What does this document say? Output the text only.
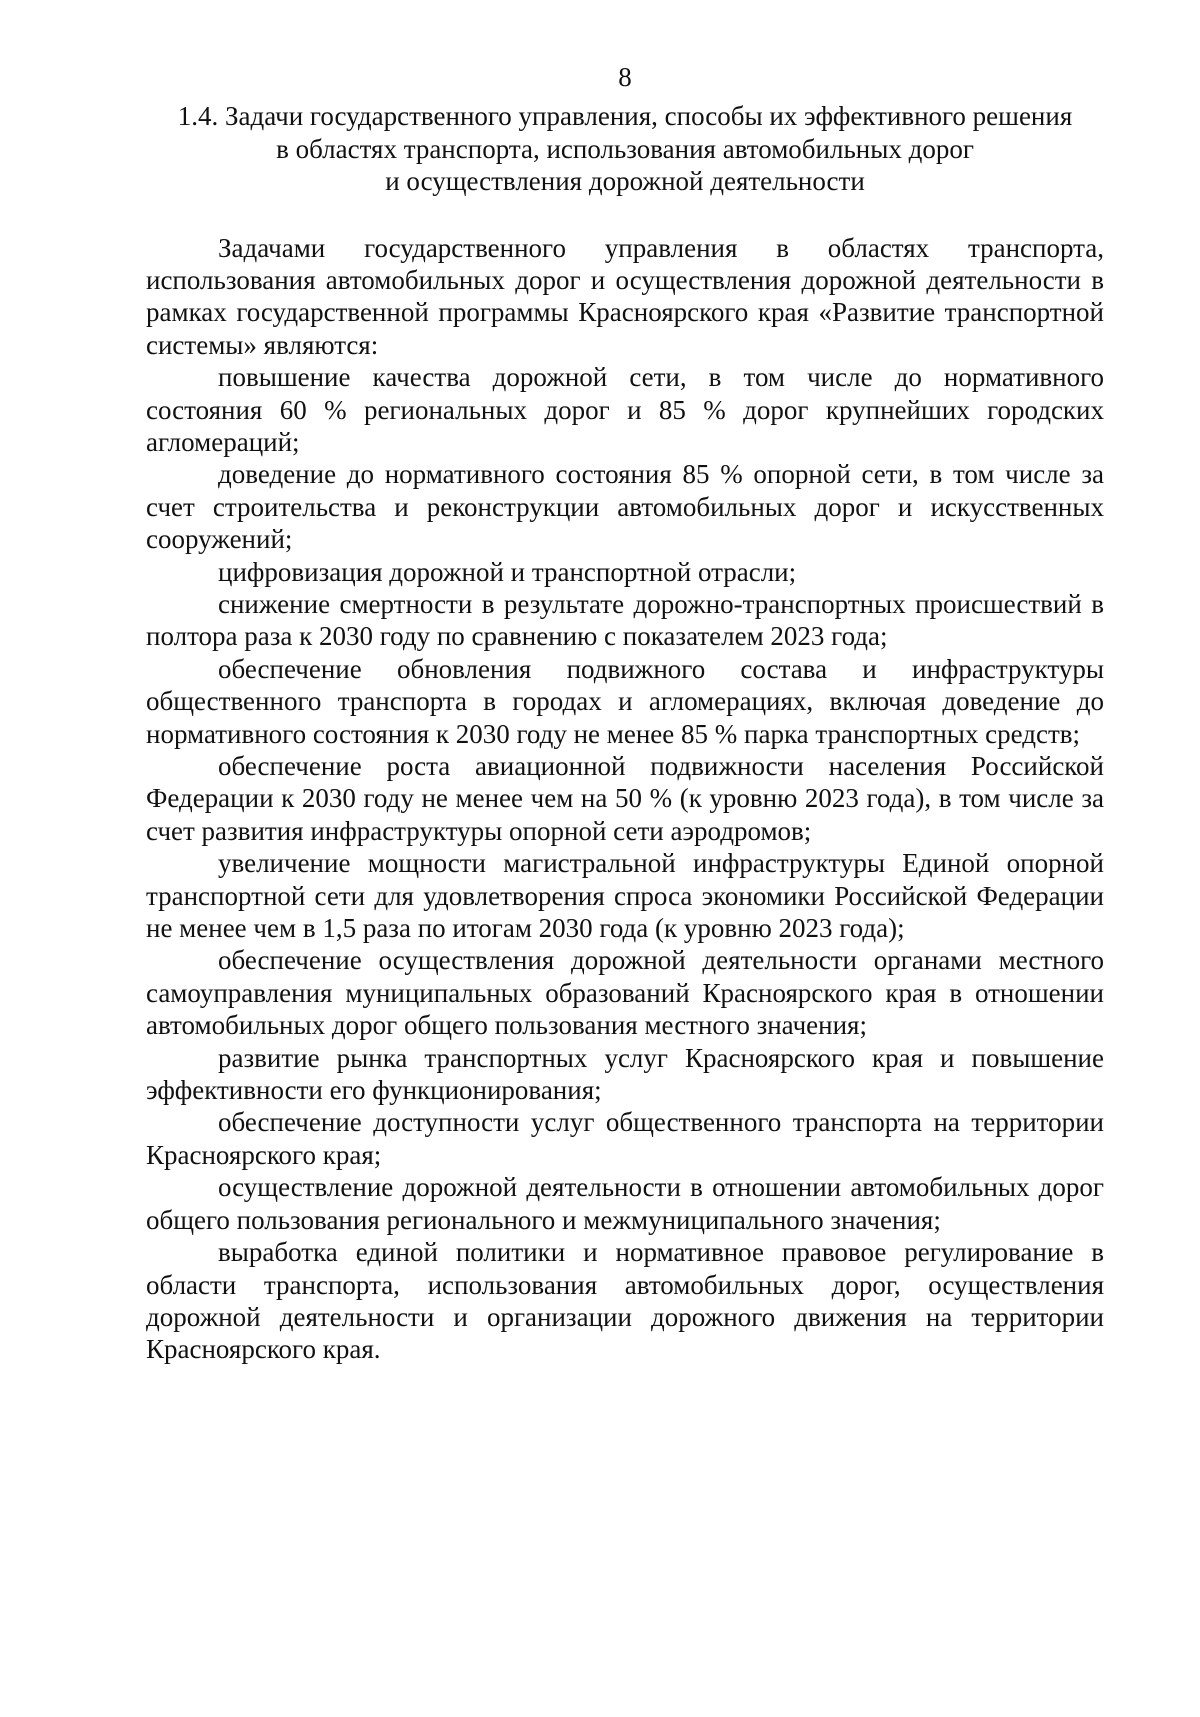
8
1.4. Задачи государственного управления, способы их эффективного решения
в областях транспорта, использования автомобильных дорог
и осуществления дорожной деятельности

Задачами государственного управления в областях транспорта, использования автомобильных дорог и осуществления дорожной деятельности в рамках государственной программы Красноярского края «Развитие транспортной системы» являются:

повышение качества дорожной сети, в том числе до нормативного состояния 60 % региональных дорог и 85 % дорог крупнейших городских агломераций;

доведение до нормативного состояния 85 % опорной сети, в том числе за счет строительства и реконструкции автомобильных дорог и искусственных сооружений;

цифровизация дорожной и транспортной отрасли;

снижение смертности в результате дорожно-транспортных происшествий в полтора раза к 2030 году по сравнению с показателем 2023 года;

обеспечение обновления подвижного состава и инфраструктуры общественного транспорта в городах и агломерациях, включая доведение до нормативного состояния к 2030 году не менее 85 % парка транспортных средств;

обеспечение роста авиационной подвижности населения Российской Федерации к 2030 году не менее чем на 50 % (к уровню 2023 года), в том числе за счет развития инфраструктуры опорной сети аэродромов;

увеличение мощности магистральной инфраструктуры Единой опорной транспортной сети для удовлетворения спроса экономики Российской Федерации не менее чем в 1,5 раза по итогам 2030 года (к уровню 2023 года);

обеспечение осуществления дорожной деятельности органами местного самоуправления муниципальных образований Красноярского края в отношении автомобильных дорог общего пользования местного значения;

развитие рынка транспортных услуг Красноярского края и повышение эффективности его функционирования;

обеспечение доступности услуг общественного транспорта на территории Красноярского края;

осуществление дорожной деятельности в отношении автомобильных дорог общего пользования регионального и межмуниципального значения;

выработка единой политики и нормативное правовое регулирование в области транспорта, использования автомобильных дорог, осуществления дорожной деятельности и организации дорожного движения на территории Красноярского края.
